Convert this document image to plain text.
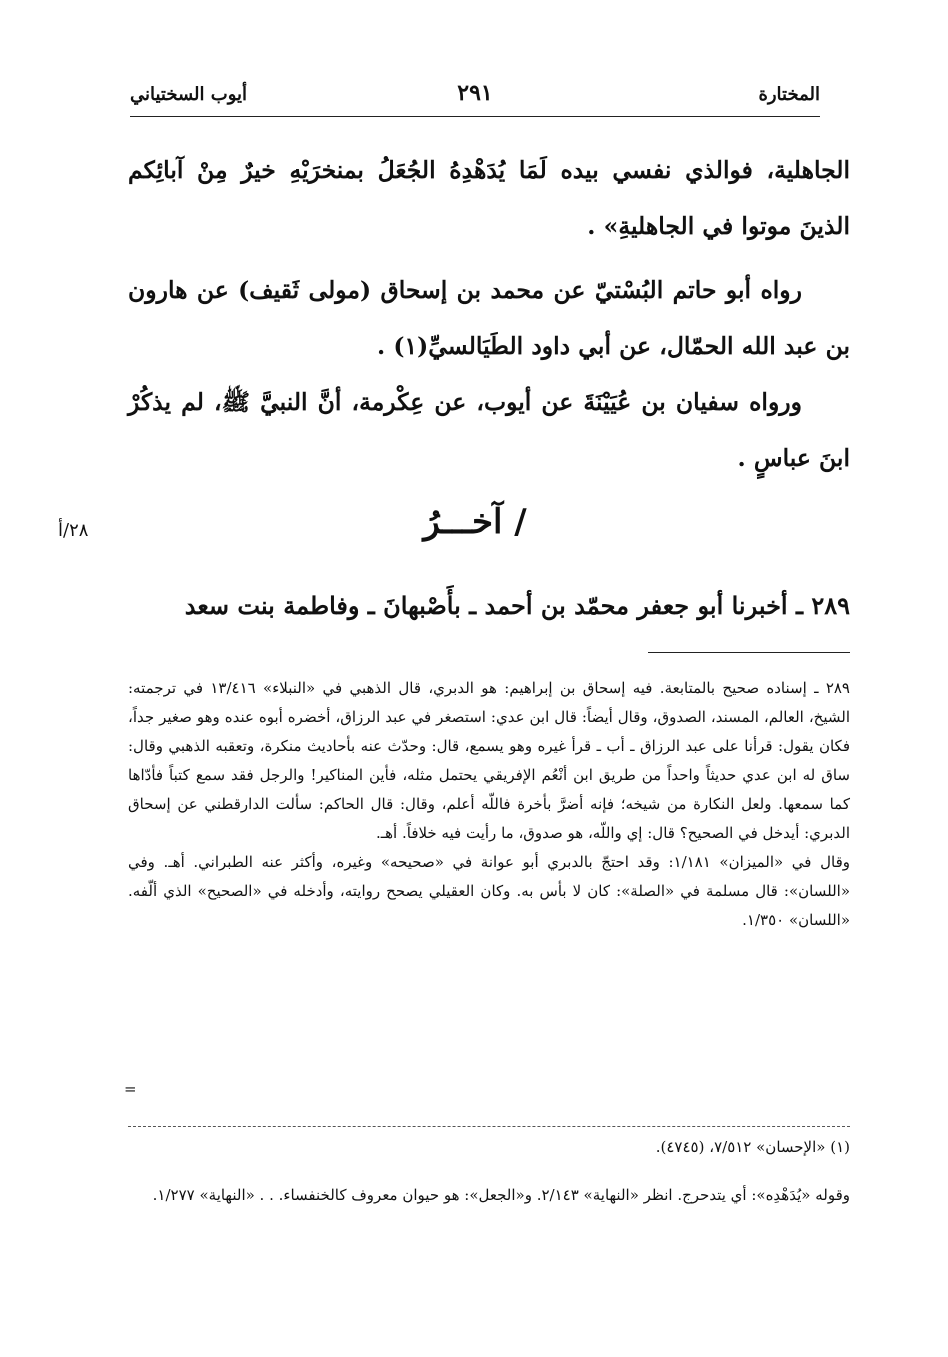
المختارة
٢٩١
أيوب السختياني
الجاهلية، فوالذي نفسي بيده لَمَا يُدَهْدِهُ الجُعَلُ بمنخرَيْهِ خيرٌ مِنْ آبائِكم الذينَ موتوا في الجاهليةِ» .
رواه أبو حاتم البُسْتيّ عن محمد بن إسحاق (مولى ثَقيف) عن هارون بن عبد الله الحمّال، عن أبي داود الطَيَالسيِّ(١) .
ورواه سفيان بن عُيَيْنَةَ عن أيوب، عن عِكْرمة، أنَّ النبيَّ ﷺ، لم يذكُرْ ابنَ عباسٍ .
/ آخـــرُ
٢٨/أ
٢٨٩ ـ أخبرنا أبو جعفر محمّد بن أحمد ـ بأَصْبهانَ ـ وفاطمة بنت سعد
٢٨٩ ـ إسناده صحيح بالمتابعة. فيه إسحاق بن إبراهيم: هو الدبري، قال الذهبي في «النبلاء» ١٣/٤١٦ في ترجمته: الشيخ، العالم، المسند، الصدوق، وقال أيضاً: قال ابن عدي: استصغر في عبد الرزاق، أخضره أبوه عنده وهو صغير جداً، فكان يقول: قرأنا على عبد الرزاق ـ أب ـ قرأ غيره وهو يسمع، قال: وحدّث عنه بأحاديث منكرة، وتعقبه الذهبي وقال: ساق له ابن عدي حديثاً واحداً من طريق ابن أنْعُم الإفريقي يحتمل مثله، فأين المناكير! والرجل فقد سمع كتباً فأدّاها كما سمعها. ولعل النكارة من شيخه؛ فإنه أضرَّ بأخرة فاللّه أعلم، وقال: قال الحاكم: سألت الدارقطني عن إسحاق الدبري: أيدخل في الصحيح؟ قال: إي واللّه، هو صدوق، ما رأيت فيه خلافاً. أهـ.
وقال في «الميزان» ١/١٨١: وقد احتجّ بالدبري أبو عوانة في «صحيحه» وغيره، وأكثر عنه الطبراني. أهـ. وفي «اللسان»: قال مسلمة في «الصلة»: كان لا بأس به. وكان العقيلي يصحح روايته، وأدخله في «الصحيح» الذي ألّفه. «اللسان» ١/٣٥٠.
=
(١) «الإحسان» ٧/٥١٢، (٤٧٤٥).
وقوله «يُدَهْدِه»: أي يتدحرج. انظر «النهاية» ٢/١٤٣. و«الجعل»: هو حيوان معروف كالخنفساء. . . «النهاية» ١/٢٧٧.
